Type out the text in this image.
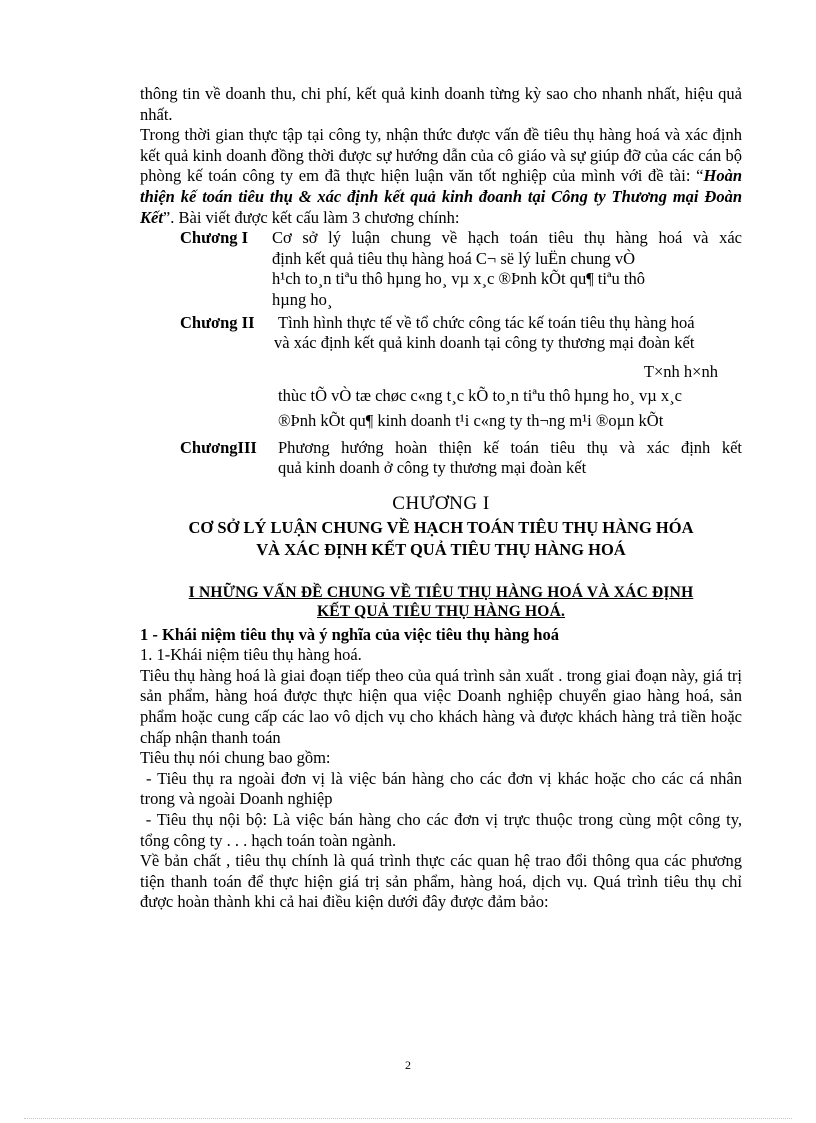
thông tin về doanh thu, chi phí, kết quả kinh doanh từng kỳ sao cho nhanh nhất, hiệu quả nhất.

Trong thời gian thực tập tại công ty, nhận thức được vấn đề tiêu thụ hàng hoá và xác định kết quả kinh doanh đồng thời được sự hướng dẫn của cô giáo và sự giúp đỡ của các cán bộ phòng kế toán công ty em đã thực hiện luận văn tốt nghiệp của mình với đề tài: “Hoàn thiện kế toán tiêu thụ & xác định kết quả kinh đoanh tại Công ty Thương mại Đoàn Kết”. Bài viết được kết cấu làm 3 chương chính:

Chương I	Cơ sở lý luận chung về hạch toán tiêu thụ hàng hoá và xác
định kết quả tiêu thụ hàng hoá C¬ së lý luËn chung vÒ
h¹ch to¸n tiªu thô hµng ho¸ vµ x¸c ®Þnh kÕt qu¶ tiªu thô
hµng ho¸
Chương II	Tình hình thực tế về tổ chức công tác kế toán tiêu thụ hàng hoá
và xác định kết quả kinh doanh tại công ty thương mại đoàn kết
T×nh h×nh
thùc tÕ vÒ tæ chøc c«ng t¸c kÕ to¸n tiªu thô hµng ho¸ vµ x¸c
®Þnh kÕt qu¶ kinh doanh t¹i c«ng ty th¬ng m¹i ®oµn kÕt
ChươngIII	Phương hướng hoàn thiện kế toán tiêu thụ và xác định kết
quả kinh doanh ở công ty thương mại đoàn kết
CHƯƠNG I
CƠ SỞ LÝ LUẬN CHUNG VỀ HẠCH TOÁN TIÊU THỤ HÀNG HÓA
VÀ XÁC ĐỊNH KẾT QUẢ TIÊU THỤ HÀNG HOÁ
I NHỮNG VẤN ĐỀ CHUNG VỀ TIÊU THỤ HÀNG HOÁ VÀ XÁC ĐỊNH
KẾT QUẢ TIÊU THỤ HÀNG HOÁ.

1 - Khái niệm tiêu thụ và ý nghĩa của việc tiêu thụ hàng hoá

1. 1-Khái niệm tiêu thụ hàng hoá.

Tiêu thụ hàng hoá là giai đoạn tiếp theo của quá trình sản xuất . trong giai đoạn này, giá trị sản phẩm, hàng hoá được thực hiện qua việc Doanh nghiệp chuyển giao hàng hoá, sản phẩm hoặc cung cấp các lao vô dịch vụ cho khách hàng và được khách hàng trả tiền hoặc chấp nhận thanh toán

Tiêu thụ nói chung bao gồm:

- Tiêu thụ ra ngoài đơn vị là việc bán hàng cho các đơn vị khác hoặc cho các cá nhân trong và ngoài Doanh nghiệp

- Tiêu thụ nội bộ: Là việc bán hàng cho các đơn vị trực thuộc trong cùng một công ty, tổng công ty . . . hạch toán toàn ngành.

Về bản chất , tiêu thụ chính là quá trình thực các quan hệ trao đổi thông qua các phương tiện thanh toán để thực hiện giá trị sản phẩm, hàng hoá, dịch vụ. Quá trình tiêu thụ chỉ được hoàn thành khi cả hai điều kiện dưới đây được đảm bảo:

2
